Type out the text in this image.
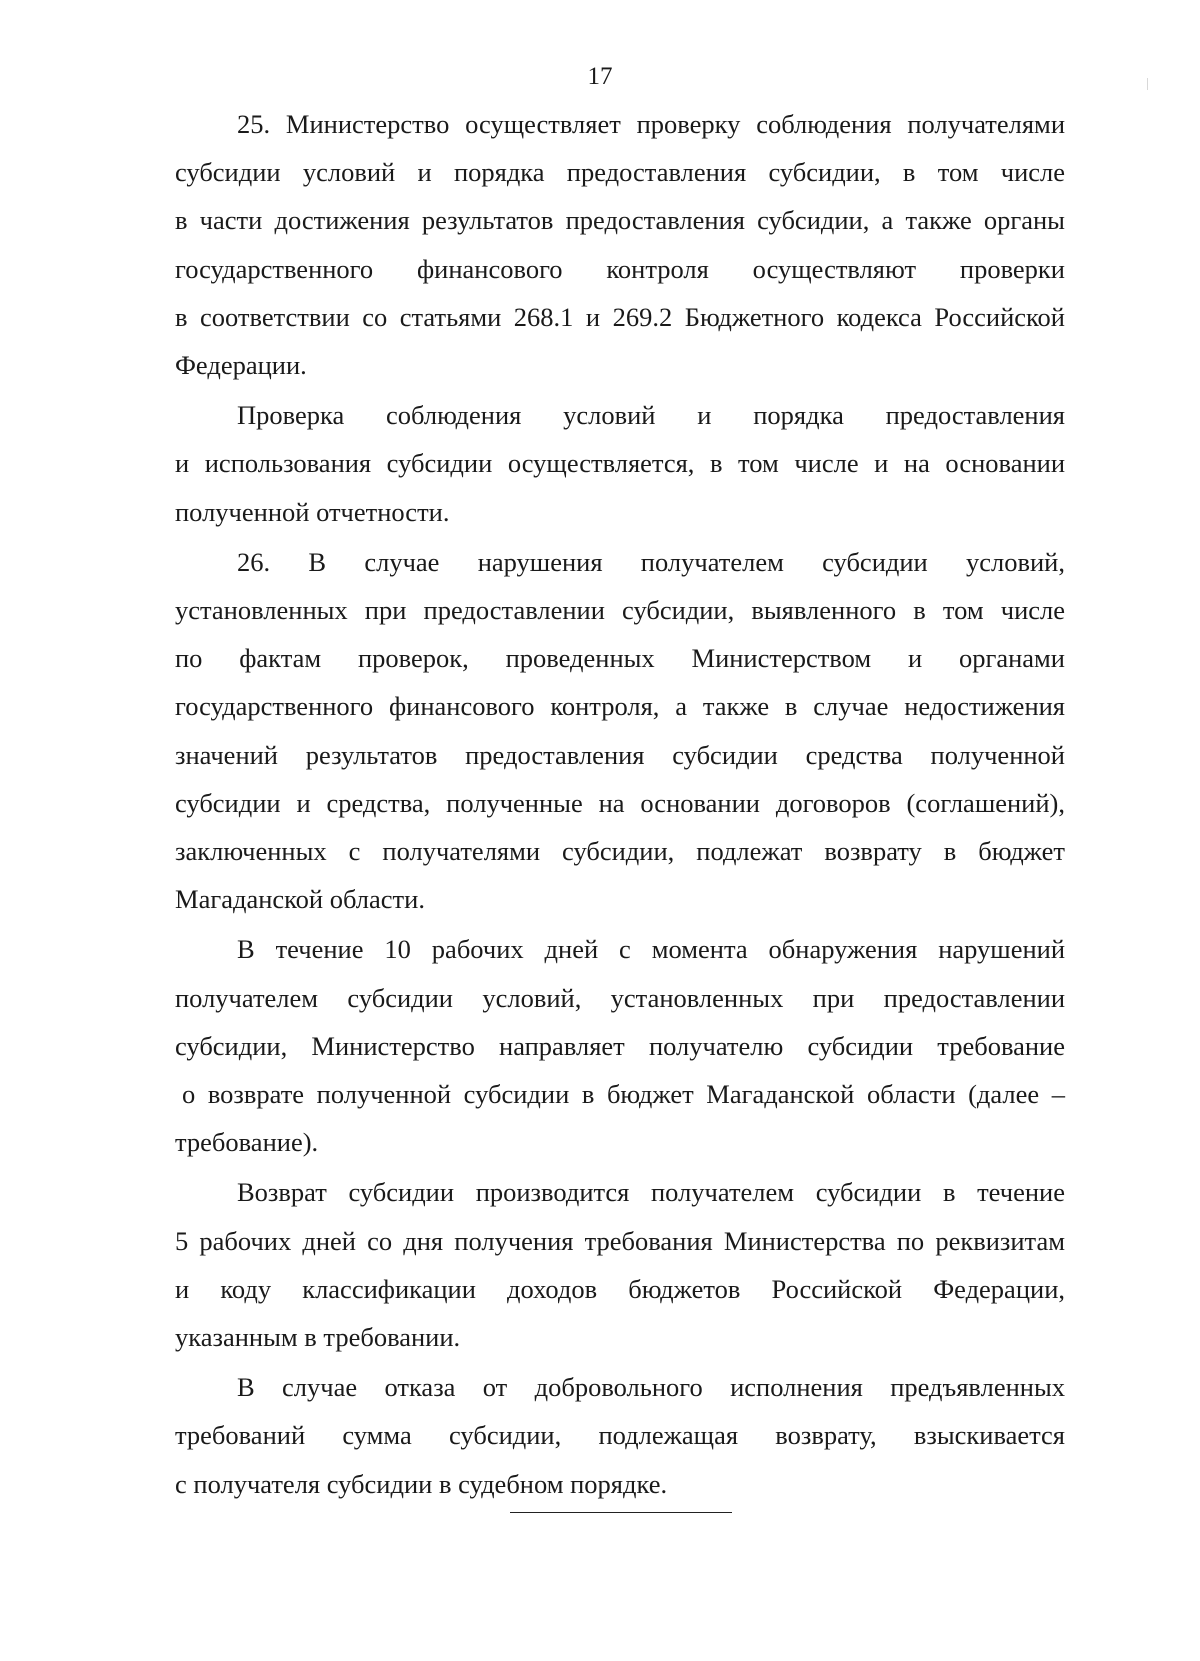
17
25. Министерство осуществляет проверку соблюдения получателями
субсидии условий и порядка предоставления субсидии, в том числе
в части достижения результатов предоставления субсидии, а также органы
государственного финансового контроля осуществляют проверки
в соответствии со статьями 268.1 и 269.2 Бюджетного кодекса Российской
Федерации.
Проверка соблюдения условий и порядка предоставления
и использования субсидии осуществляется, в том числе и на основании
полученной отчетности.
26. В случае нарушения получателем субсидии условий,
установленных при предоставлении субсидии, выявленного в том числе
по фактам проверок, проведенных Министерством и органами
государственного финансового контроля, а также в случае недостижения
значений результатов предоставления субсидии средства полученной
субсидии и средства, полученные на основании договоров (соглашений),
заключенных с получателями субсидии, подлежат возврату в бюджет
Магаданской области.
В течение 10 рабочих дней с момента обнаружения нарушений
получателем субсидии условий, установленных при предоставлении
субсидии, Министерство направляет получателю субсидии требование
о возврате полученной субсидии в бюджет Магаданской области (далее –
требование).
Возврат субсидии производится получателем субсидии в течение
5 рабочих дней со дня получения требования Министерства по реквизитам
и коду классификации доходов бюджетов Российской Федерации,
указанным в требовании.
В случае отказа от добровольного исполнения предъявленных
требований сумма субсидии, подлежащая возврату, взыскивается
с получателя субсидии в судебном порядке.
